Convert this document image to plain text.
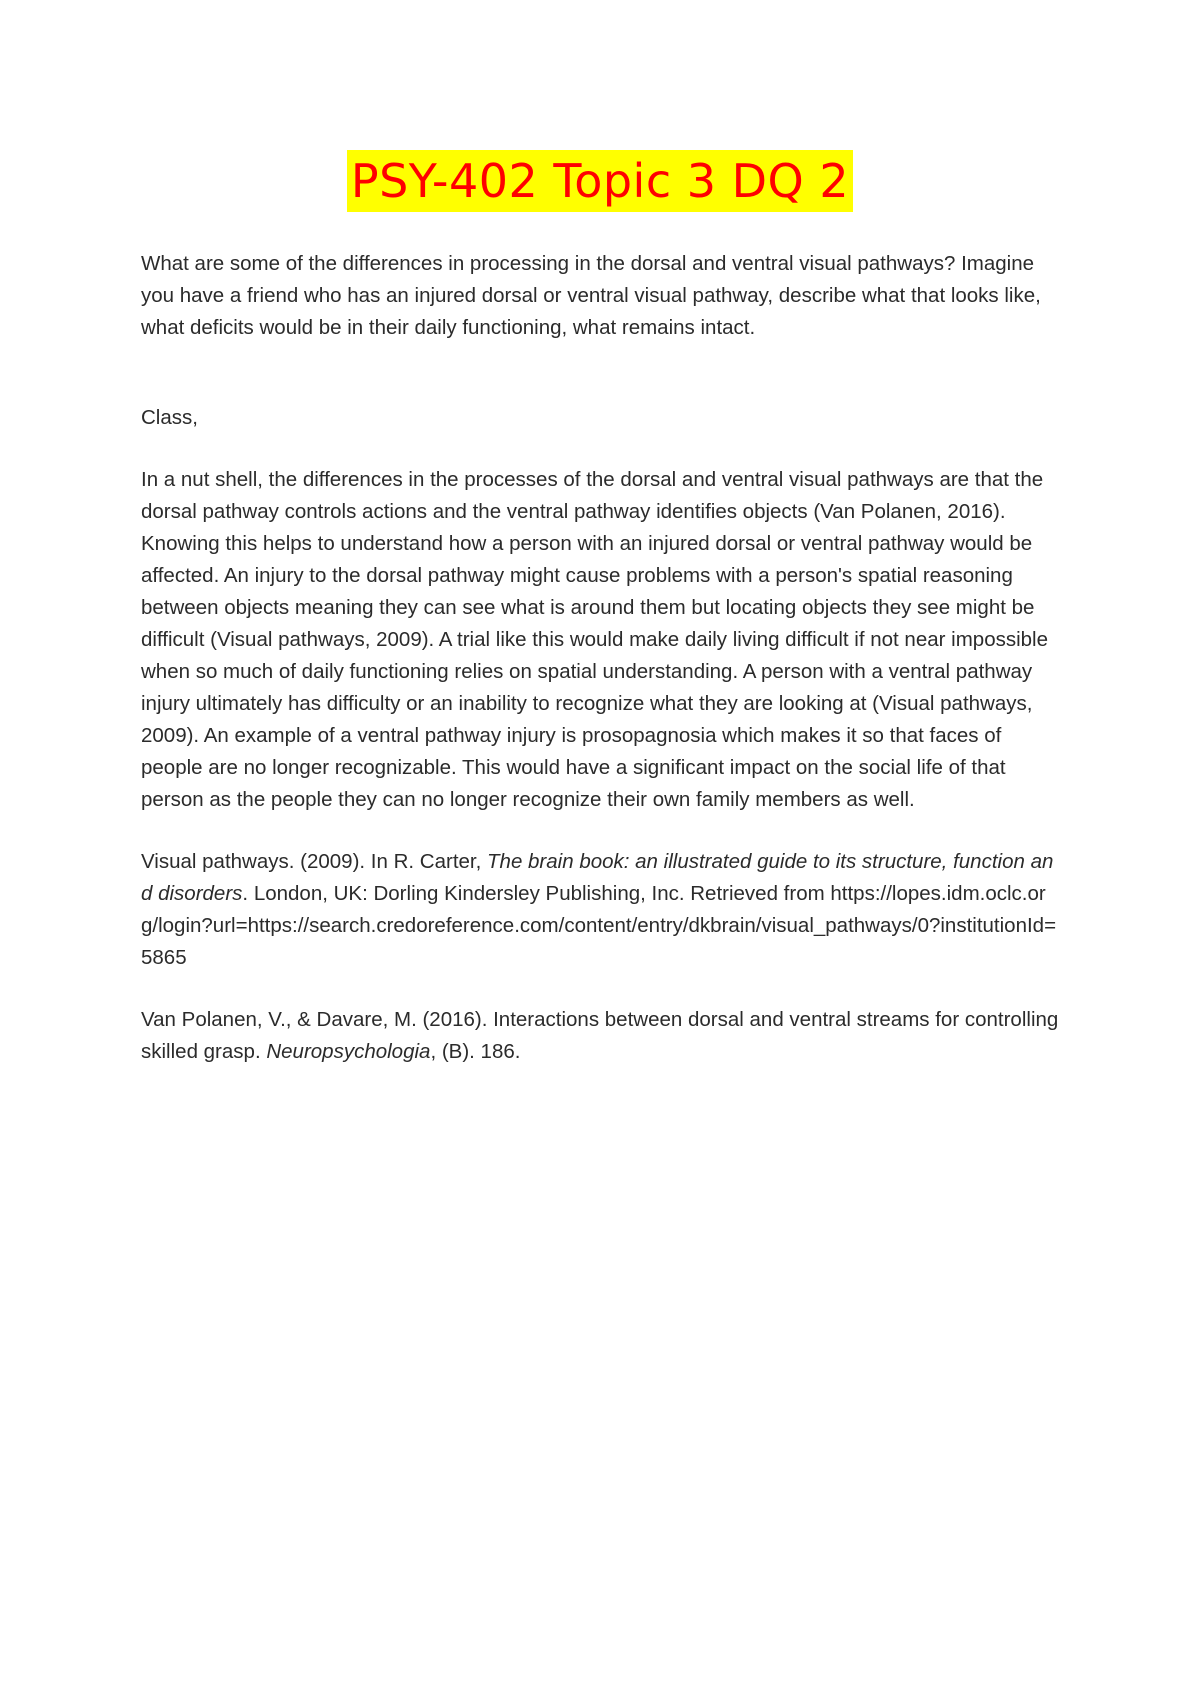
PSY-402 Topic 3 DQ 2

What are some of the differences in processing in the dorsal and ventral visual pathways? Imagine you have a friend who has an injured dorsal or ventral visual pathway, describe what that looks like, what deficits would be in their daily functioning, what remains intact.

Class,

In a nut shell, the differences in the processes of the dorsal and ventral visual pathways are that the dorsal pathway controls actions and the ventral pathway identifies objects (Van Polanen, 2016). Knowing this helps to understand how a person with an injured dorsal or ventral pathway would be affected. An injury to the dorsal pathway might cause problems with a person's spatial reasoning between objects meaning they can see what is around them but locating objects they see might be difficult (Visual pathways, 2009). A trial like this would make daily living difficult if not near impossible when so much of daily functioning relies on spatial understanding. A person with a ventral pathway injury ultimately has difficulty or an inability to recognize what they are looking at (Visual pathways, 2009). An example of a ventral pathway injury is prosopagnosia which makes it so that faces of people are no longer recognizable. This would have a significant impact on the social life of that person as the people they can no longer recognize their own family members as well.

Visual pathways. (2009). In R. Carter, The brain book: an illustrated guide to its structure, function and disorders. London, UK: Dorling Kindersley Publishing, Inc. Retrieved from https://lopes.idm.oclc.org/login?url=https://search.credoreference.com/content/entry/dkbrain/visual_pathways/0?institutionId=5865

Van Polanen, V., & Davare, M. (2016). Interactions between dorsal and ventral streams for controlling skilled grasp. Neuropsychologia, (B). 186.
